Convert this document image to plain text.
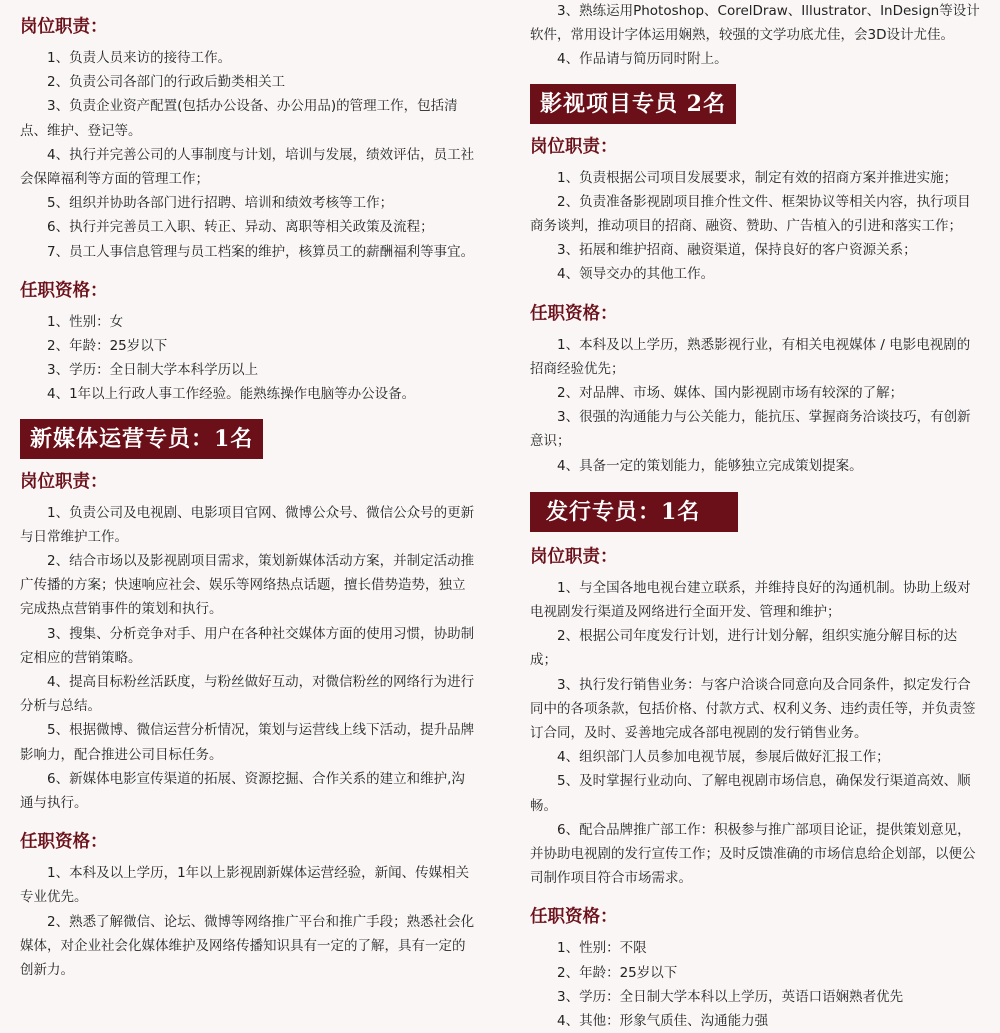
岗位职责：

1、负责人员来访的接待工作。

2、负责公司各部门的行政后勤类相关工

3、负责企业资产配置(包括办公设备、办公用品)的管理工作，包括清点、维护、登记等。

4、执行并完善公司的人事制度与计划，培训与发展，绩效评估，员工社会保障福利等方面的管理工作；

5、组织并协助各部门进行招聘、培训和绩效考核等工作；

6、执行并完善员工入职、转正、异动、离职等相关政策及流程；

7、员工人事信息管理与员工档案的维护，核算员工的薪酬福利等事宜。

任职资格：

1、性别：女

2、年龄：25岁以下

3、学历：全日制大学本科学历以上

4、1年以上行政人事工作经验。能熟练操作电脑等办公设备。

新媒体运营专员：1名
岗位职责：

1、负责公司及电视剧、电影项目官网、微博公众号、微信公众号的更新与日常维护工作。

2、结合市场以及影视剧项目需求，策划新媒体活动方案，并制定活动推广传播的方案；快速响应社会、娱乐等网络热点话题，擅长借势造势，独立完成热点营销事件的策划和执行。

3、搜集、分析竞争对手、用户在各种社交媒体方面的使用习惯，协助制定相应的营销策略。

4、提高目标粉丝活跃度，与粉丝做好互动，对微信粉丝的网络行为进行分析与总结。

5、根据微博、微信运营分析情况，策划与运营线上线下活动，提升品牌影响力，配合推进公司目标任务。

6、新媒体电影宣传渠道的拓展、资源挖掘、合作关系的建立和维护,沟通与执行。

任职资格：

1、本科及以上学历，1年以上影视剧新媒体运营经验，新闻、传媒相关专业优先。

2、熟悉了解微信、论坛、微博等网络推广平台和推广手段；熟悉社会化媒体，对企业社会化媒体维护及网络传播知识具有一定的了解，具有一定的创新力。

3、熟练运用Photoshop、CorelDraw、Illustrator、InDesign等设计软件，常用设计字体运用娴熟，较强的文学功底尤佳，会3D设计尤佳。

4、作品请与简历同时附上。

影视项目专员 2名
岗位职责：

1、负责根据公司项目发展要求，制定有效的招商方案并推进实施；

2、负责准备影视剧项目推介性文件、框架协议等相关内容，执行项目商务谈判，推动项目的招商、融资、赞助、广告植入的引进和落实工作；

3、拓展和维护招商、融资渠道，保持良好的客户资源关系；

4、领导交办的其他工作。

任职资格：

1、本科及以上学历，熟悉影视行业，有相关电视媒体 / 电影电视剧的招商经验优先；

2、对品牌、市场、媒体、国内影视剧市场有较深的了解；

3、很强的沟通能力与公关能力，能抗压、掌握商务洽谈技巧，有创新意识；

4、具备一定的策划能力，能够独立完成策划提案。

发行专员：1名
岗位职责：

1、与全国各地电视台建立联系，并维持良好的沟通机制。协助上级对电视剧发行渠道及网络进行全面开发、管理和维护；

2、根据公司年度发行计划，进行计划分解，组织实施分解目标的达成；

3、执行发行销售业务：与客户洽谈合同意向及合同条件，拟定发行合同中的各项条款，包括价格、付款方式、权利义务、违约责任等，并负责签订合同，及时、妥善地完成各部电视剧的发行销售业务。

4、组织部门人员参加电视节展，参展后做好汇报工作；

5、及时掌握行业动向、了解电视剧市场信息，确保发行渠道高效、顺畅。

6、配合品牌推广部工作：积极参与推广部项目论证，提供策划意见，并协助电视剧的发行宣传工作；及时反馈准确的市场信息给企划部，以便公司制作项目符合市场需求。

任职资格：

1、性别：不限

2、年龄：25岁以下

3、学历：全日制大学本科以上学历，英语口语娴熟者优先

4、其他：形象气质佳、沟通能力强
